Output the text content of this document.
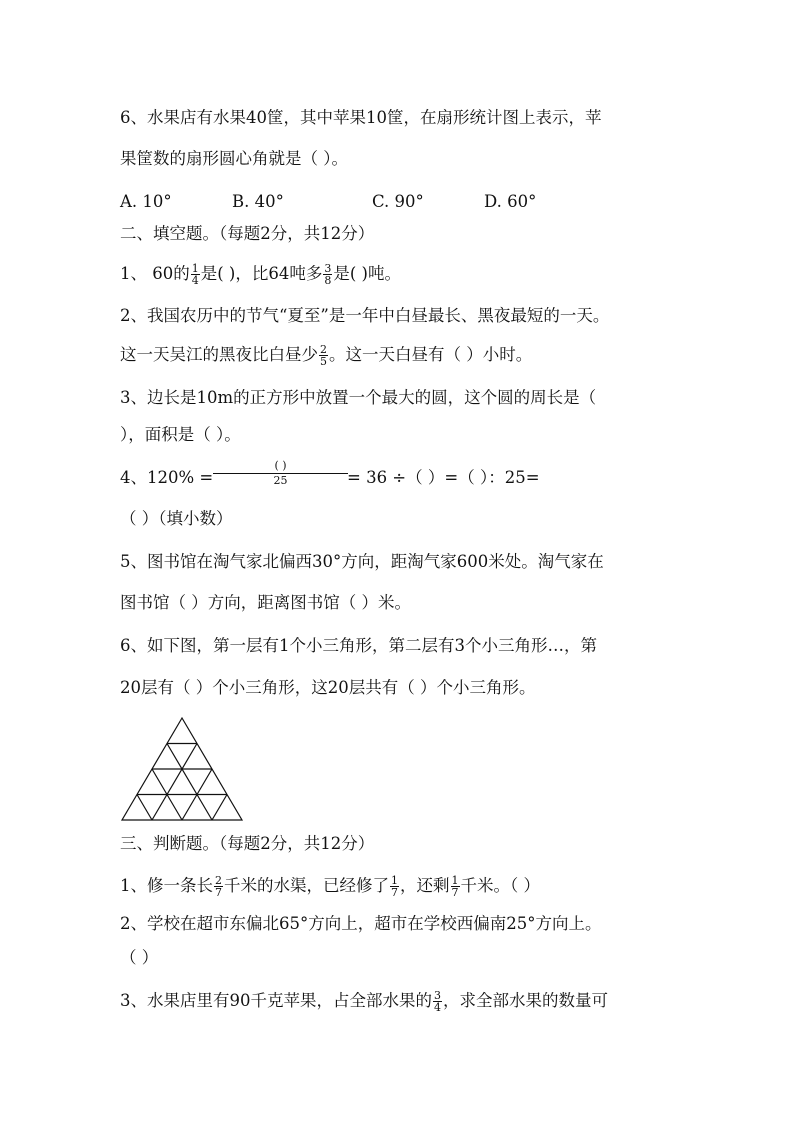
6、水果店有水果40筐，其中苹果10筐，在扇形统计图上表示，苹
果筐数的扇形圆心角就是（ ）。
A. 10°	B. 40°	C. 90°	D. 60°
二、填空题。（每题2分，共12分）
1、 60的 $\frac{1}{4}$ 是( )，比64吨多 $\frac{3}{8}$ 是( )吨。
2、我国农历中的节气“夏至”是一年中白昼最长、黑夜最短的一天。
这一天吴江的黑夜比白昼少 $\frac{2}{5}$ 。这一天白昼有（ ）小时。
3、边长是10m的正方形中放置一个最大的圆，这个圆的周长是（
），面积是（ ）。
4、120% =
( )
25	= 36 ÷（ ）=（ ）：25=
（ ）（填小数）
5、图书馆在淘气家北偏西30°方向，距淘气家600米处。淘气家在
图书馆（ ）方向，距离图书馆（ ）米。
6、如下图，第一层有1个小三角形，第二层有3个小三角形…，第
20层有（ ）个小三角形，这20层共有（ ）个小三角形。
三、判断题。（每题2分，共12分）
1、修一条长 $\frac{2}{7}$ 千米的水渠，已经修了 $\frac{1}{7}$ ，还剩 $\frac{1}{7}$ 千米。（ ）
2、学校在超市东偏北65°方向上，超市在学校西偏南25°方向上。
（ ）
3、水果店里有90千克苹果，占全部水果的 $\frac{3}{4}$ ，求全部水果的数量可
